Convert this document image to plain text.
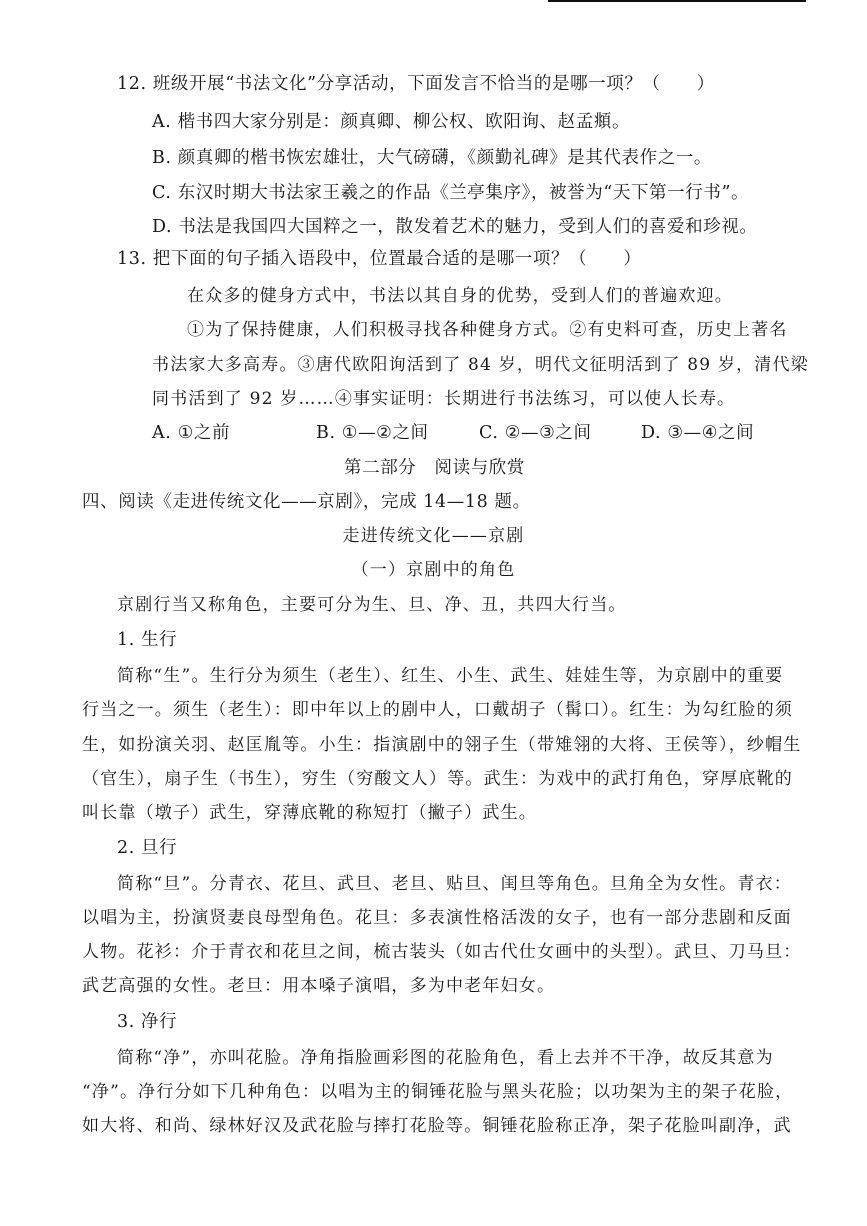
12. 班级开展“书法文化”分享活动，下面发言不恰当的是哪一项？（　　）
A. 楷书四大家分别是：颜真卿、柳公权、欧阳询、赵孟頫。
B. 颜真卿的楷书恢宏雄壮，大气磅礴，《颜勤礼碑》是其代表作之一。
C. 东汉时期大书法家王羲之的作品《兰亭集序》，被誉为“天下第一行书”。
D. 书法是我国四大国粹之一，散发着艺术的魅力，受到人们的喜爱和珍视。
13. 把下面的句子插入语段中，位置最合适的是哪一项？（　　）
在众多的健身方式中，书法以其自身的优势，受到人们的普遍欢迎。
①为了保持健康，人们积极寻找各种健身方式。②有史料可查，历史上著名
书法家大多高寿。③唐代欧阳询活到了 84 岁，明代文征明活到了 89 岁，清代梁
同书活到了 92 岁……④事实证明：长期进行书法练习，可以使人长寿。
A. ①之前	B. ①—②之间	C. ②—③之间	D. ③—④之间
第二部分　阅读与欣赏
四、阅读《走进传统文化——京剧》，完成 14—18 题。
走进传统文化——京剧
（一）京剧中的角色
京剧行当又称角色，主要可分为生、旦、净、丑，共四大行当。
1. 生行
简称“生”。生行分为须生（老生）、红生、小生、武生、娃娃生等，为京剧中的重要
行当之一。须生（老生）：即中年以上的剧中人，口戴胡子（髯口）。红生：为勾红脸的须
生，如扮演关羽、赵匡胤等。小生：指演剧中的翎子生（带雉翎的大将、王侯等），纱帽生
（官生），扇子生（书生），穷生（穷酸文人）等。武生：为戏中的武打角色，穿厚底靴的
叫长靠（墩子）武生，穿薄底靴的称短打（撇子）武生。
2. 旦行
简称“旦”。分青衣、花旦、武旦、老旦、贴旦、闺旦等角色。旦角全为女性。青衣：
以唱为主，扮演贤妻良母型角色。花旦：多表演性格活泼的女子，也有一部分悲剧和反面
人物。花衫：介于青衣和花旦之间，梳古装头（如古代仕女画中的头型）。武旦、刀马旦：
武艺高强的女性。老旦：用本嗓子演唱，多为中老年妇女。
3. 净行
简称“净”，亦叫花脸。净角指脸画彩图的花脸角色，看上去并不干净，故反其意为
“净”。净行分如下几种角色：以唱为主的铜锤花脸与黑头花脸；以功架为主的架子花脸，
如大将、和尚、绿林好汉及武花脸与摔打花脸等。铜锤花脸称正净，架子花脸叫副净，武
